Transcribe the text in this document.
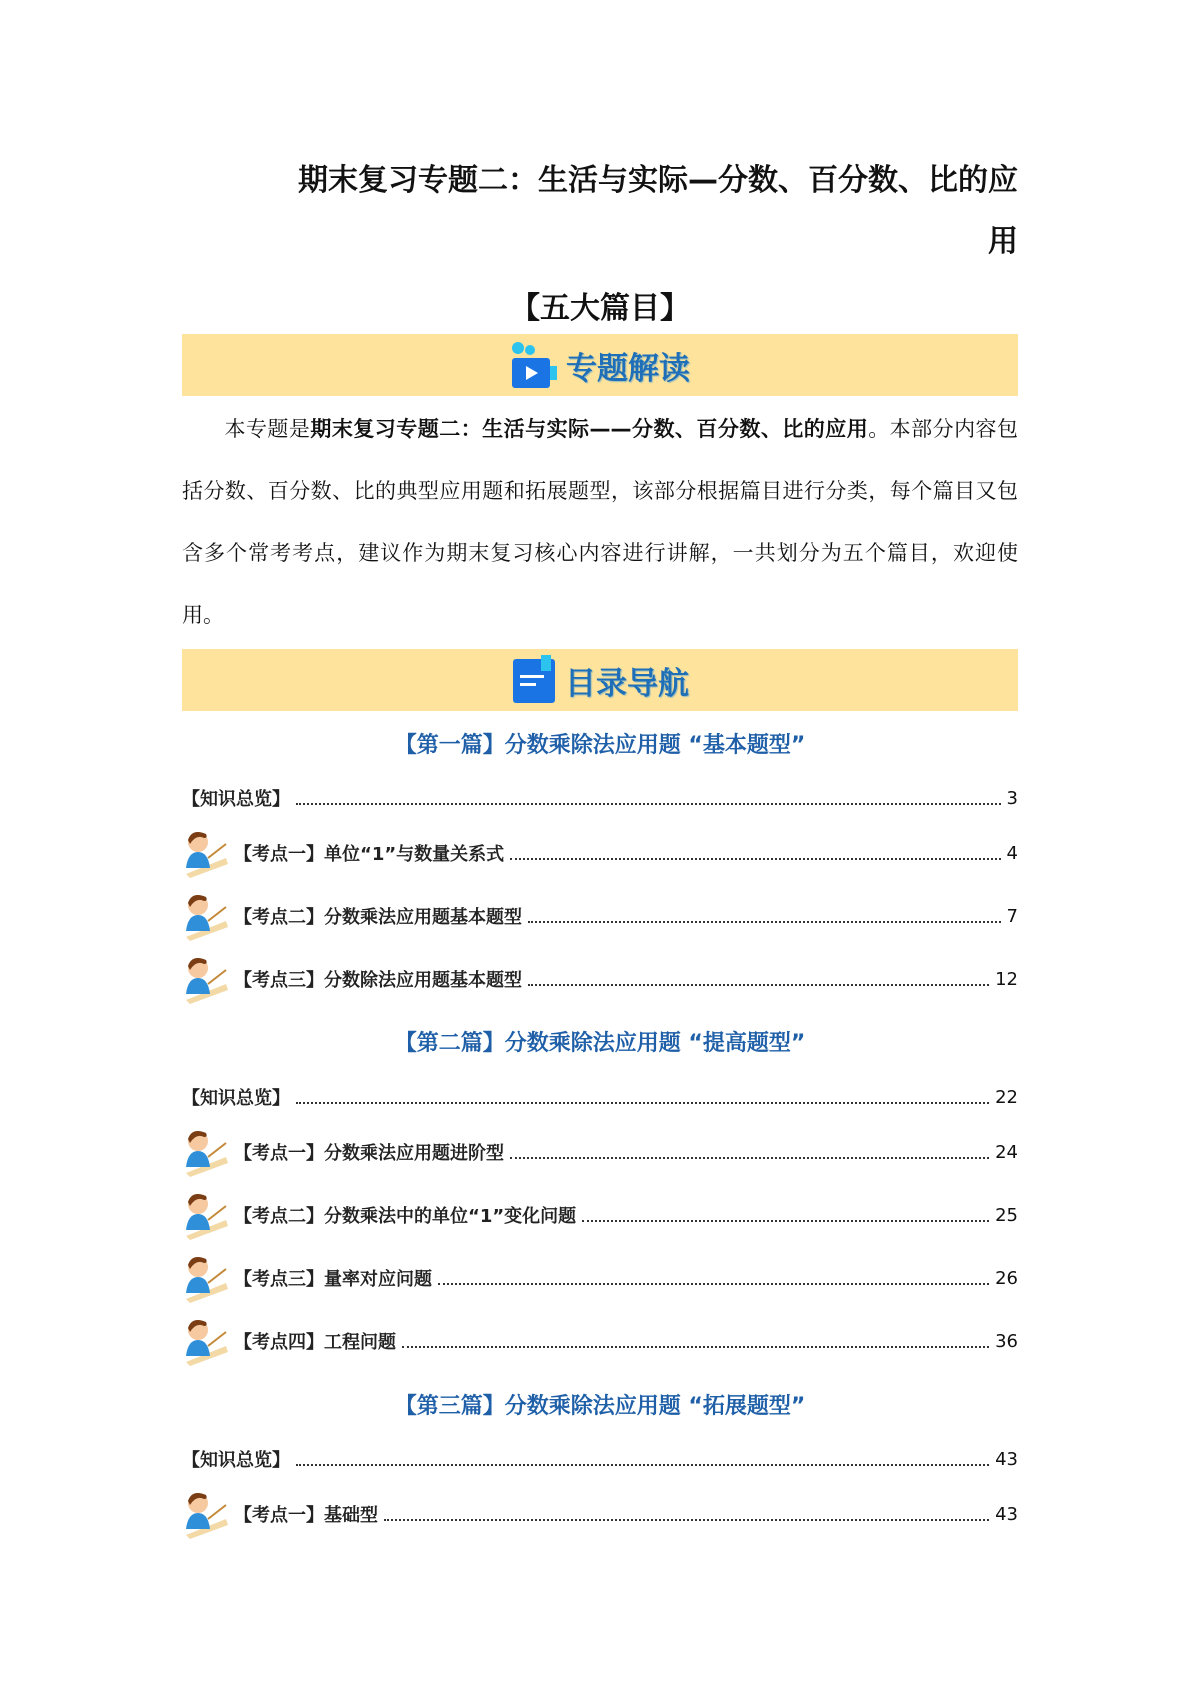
期末复习专题二：生活与实际—分数、百分数、比的应
用
【五大篇目】
专题解读
本专题是期末复习专题二：生活与实际——分数、百分数、比的应用。本部分内容包括分数、百分数、比的典型应用题和拓展题型，该部分根据篇目进行分类，每个篇目又包含多个常考考点，建议作为期末复习核心内容进行讲解，一共划分为五个篇目，欢迎使用。
目录导航
【第一篇】分数乘除法应用题 “基本题型”
【知识总览】	3
【考点一】单位“1”与数量关系式	4
【考点二】分数乘法应用题基本题型	7
【考点三】分数除法应用题基本题型	12
【第二篇】分数乘除法应用题 “提高题型”
【知识总览】	22
【考点一】分数乘法应用题进阶型	24
【考点二】分数乘法中的单位“1”变化问题	25
【考点三】量率对应问题	26
【考点四】工程问题	36
【第三篇】分数乘除法应用题 “拓展题型”
【知识总览】	43
【考点一】基础型	43
